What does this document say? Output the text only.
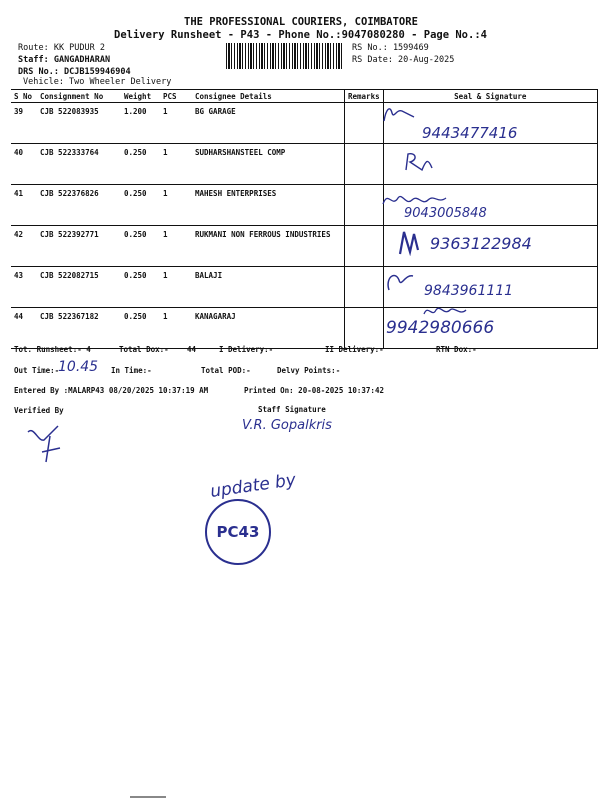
THE PROFESSIONAL COURIERS, COIMBATORE
Delivery Runsheet - P43 - Phone No.:9047080280 - Page No.:4
Route: KK PUDUR 2
Staff: GANGADHARAN
DRS No.: DCJB159946904
Vehicle: Two Wheeler Delivery
RS No.: 1599469
RS Date: 20-Aug-2025
S No	Consignment No	Weight	PCS	Consignee Details	Remarks	Seal & Signature
39	CJB 522083935	1.200	1	BG GARAGE		
40	CJB 522333764	0.250	1	SUDHARSHANSTEEL COMP		
41	CJB 522376826	0.250	1	MAHESH ENTERPRISES		
42	CJB 522392771	0.250	1	RUKMANI NON FERROUS INDUSTRIES		
43	CJB 522082715	0.250	1	BALAJI		
44	CJB 522367182	0.250	1	KANAGARAJ		
9443477416
9043005848
9363122984
9843961111
9942980666
Tot. Runsheet:- 4	Total Dox:- 44	I Delivery:-	II Delivery:-	RTN Dox:-
Out Time:-
10.45 In Time:-	Total POD:-	Delvy Points:-
Entered By :MALARP43 08/20/2025 10:37:19 AM	Printed On: 20-08-2025 10:37:42
Verified By	Staff Signature
V.R. Gopalkris
update by
PC43
